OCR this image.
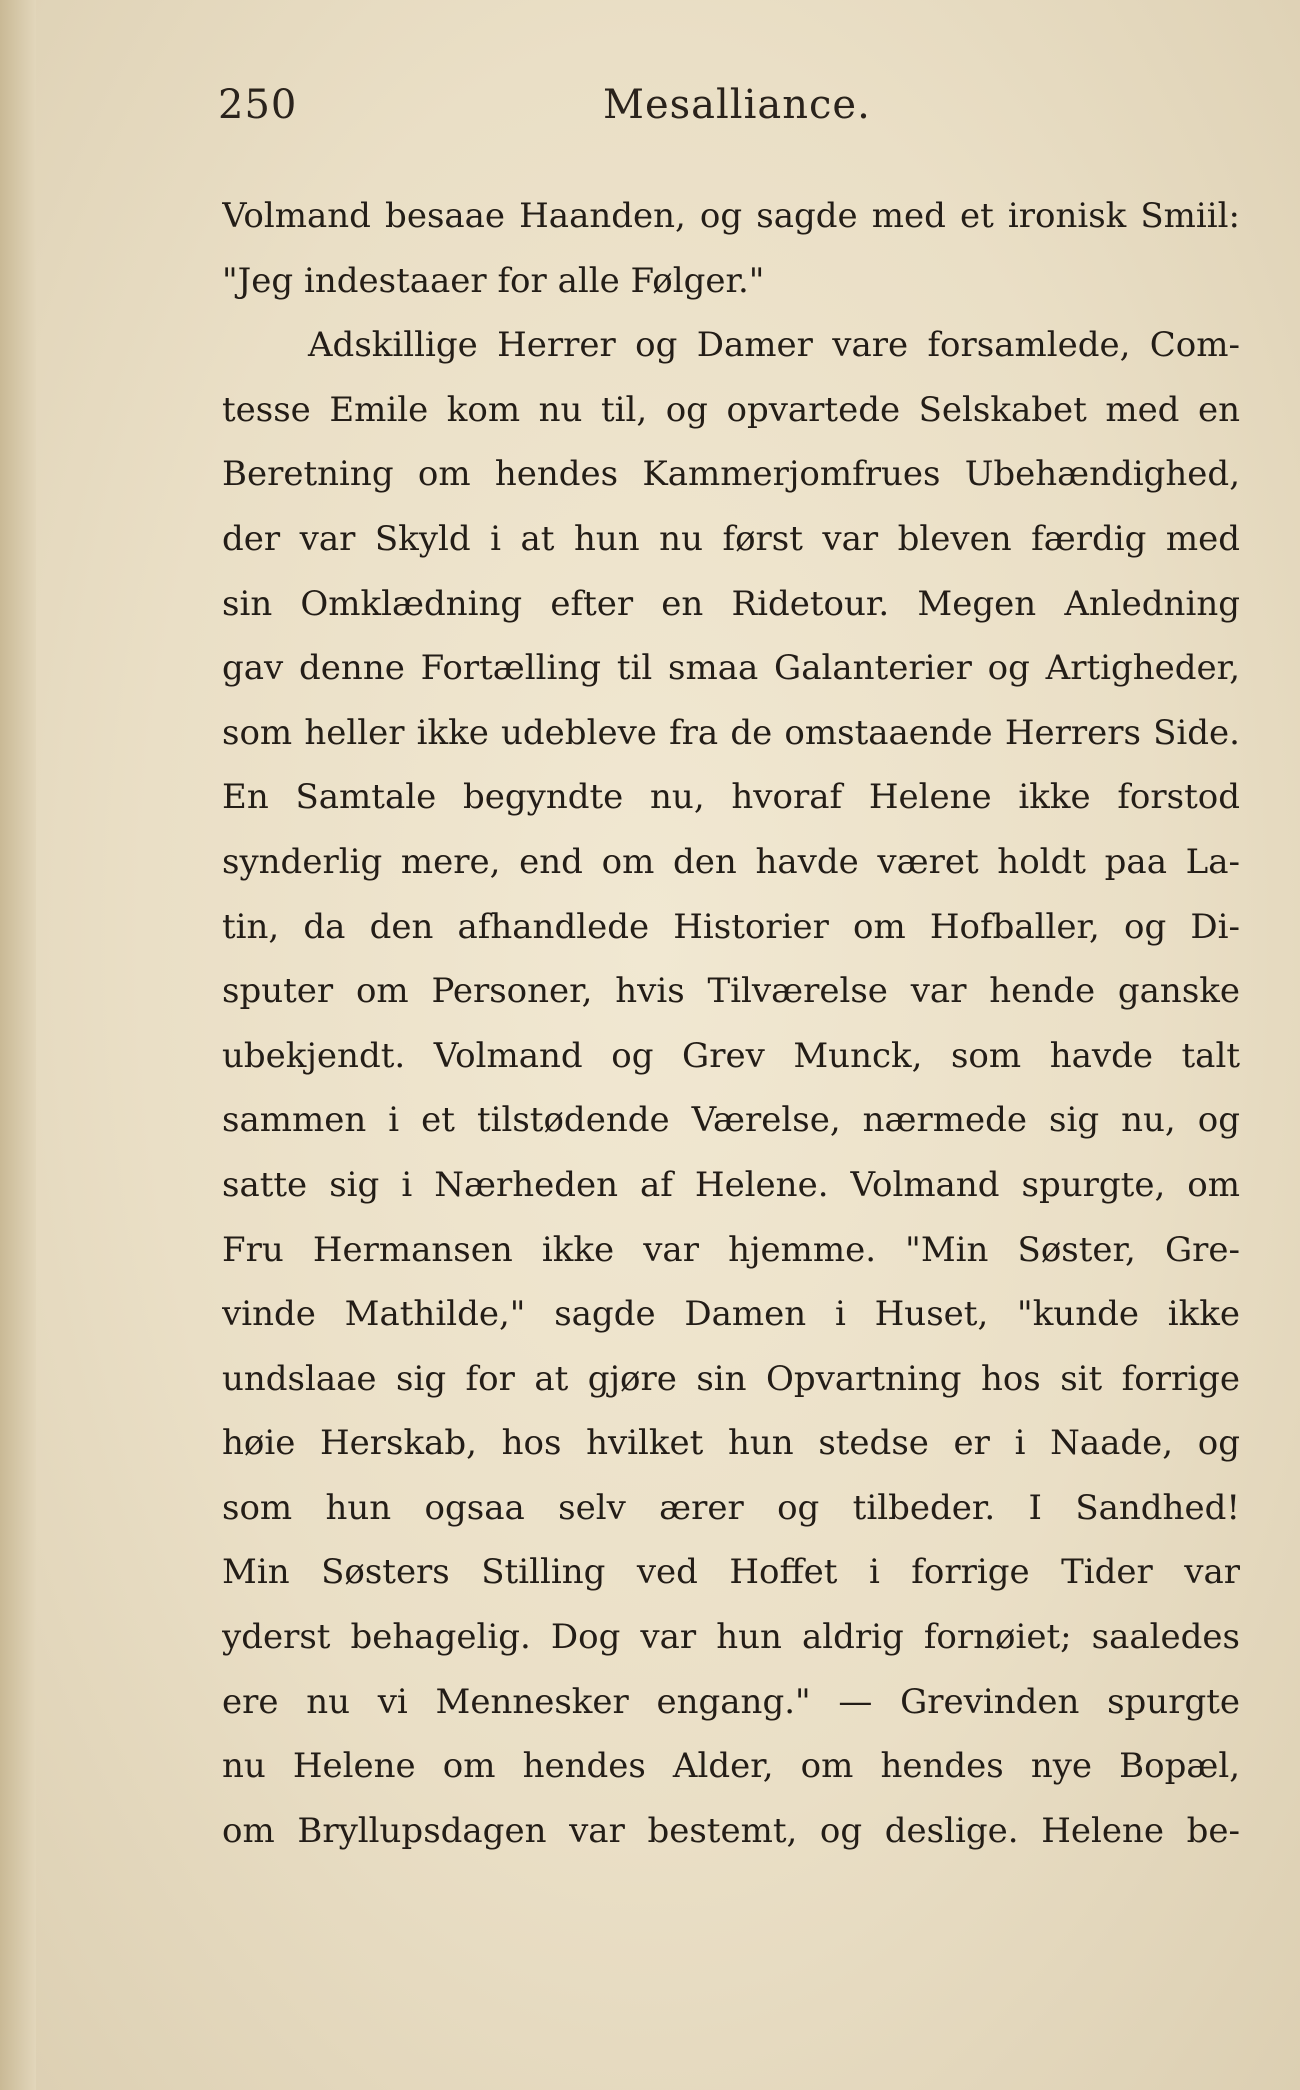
250	Mesalliance.
Volmand besaae Haanden, og sagde med et ironisk Smiil:
"Jeg indestaaer for alle Følger."
Adskillige Herrer og Damer vare forsamlede, Com-
tesse Emile kom nu til, og opvartede Selskabet med en
Beretning om hendes Kammerjomfrues Ubehændighed,
der var Skyld i at hun nu først var bleven færdig med
sin Omklædning efter en Ridetour. Megen Anledning
gav denne Fortælling til smaa Galanterier og Artigheder,
som heller ikke udebleve fra de omstaaende Herrers Side.
En Samtale begyndte nu, hvoraf Helene ikke forstod
synderlig mere, end om den havde været holdt paa La-
tin, da den afhandlede Historier om Hofballer, og Di-
sputer om Personer, hvis Tilværelse var hende ganske
ubekjendt. Volmand og Grev Munck, som havde talt
sammen i et tilstødende Værelse, nærmede sig nu, og
satte sig i Nærheden af Helene. Volmand spurgte, om
Fru Hermansen ikke var hjemme. "Min Søster, Gre-
vinde Mathilde," sagde Damen i Huset, "kunde ikke
undslaae sig for at gjøre sin Opvartning hos sit forrige
høie Herskab, hos hvilket hun stedse er i Naade, og
som hun ogsaa selv ærer og tilbeder. I Sandhed!
Min Søsters Stilling ved Hoffet i forrige Tider var
yderst behagelig. Dog var hun aldrig fornøiet; saaledes
ere nu vi Mennesker engang." — Grevinden spurgte
nu Helene om hendes Alder, om hendes nye Bopæl,
om Bryllupsdagen var bestemt, og deslige. Helene be-
